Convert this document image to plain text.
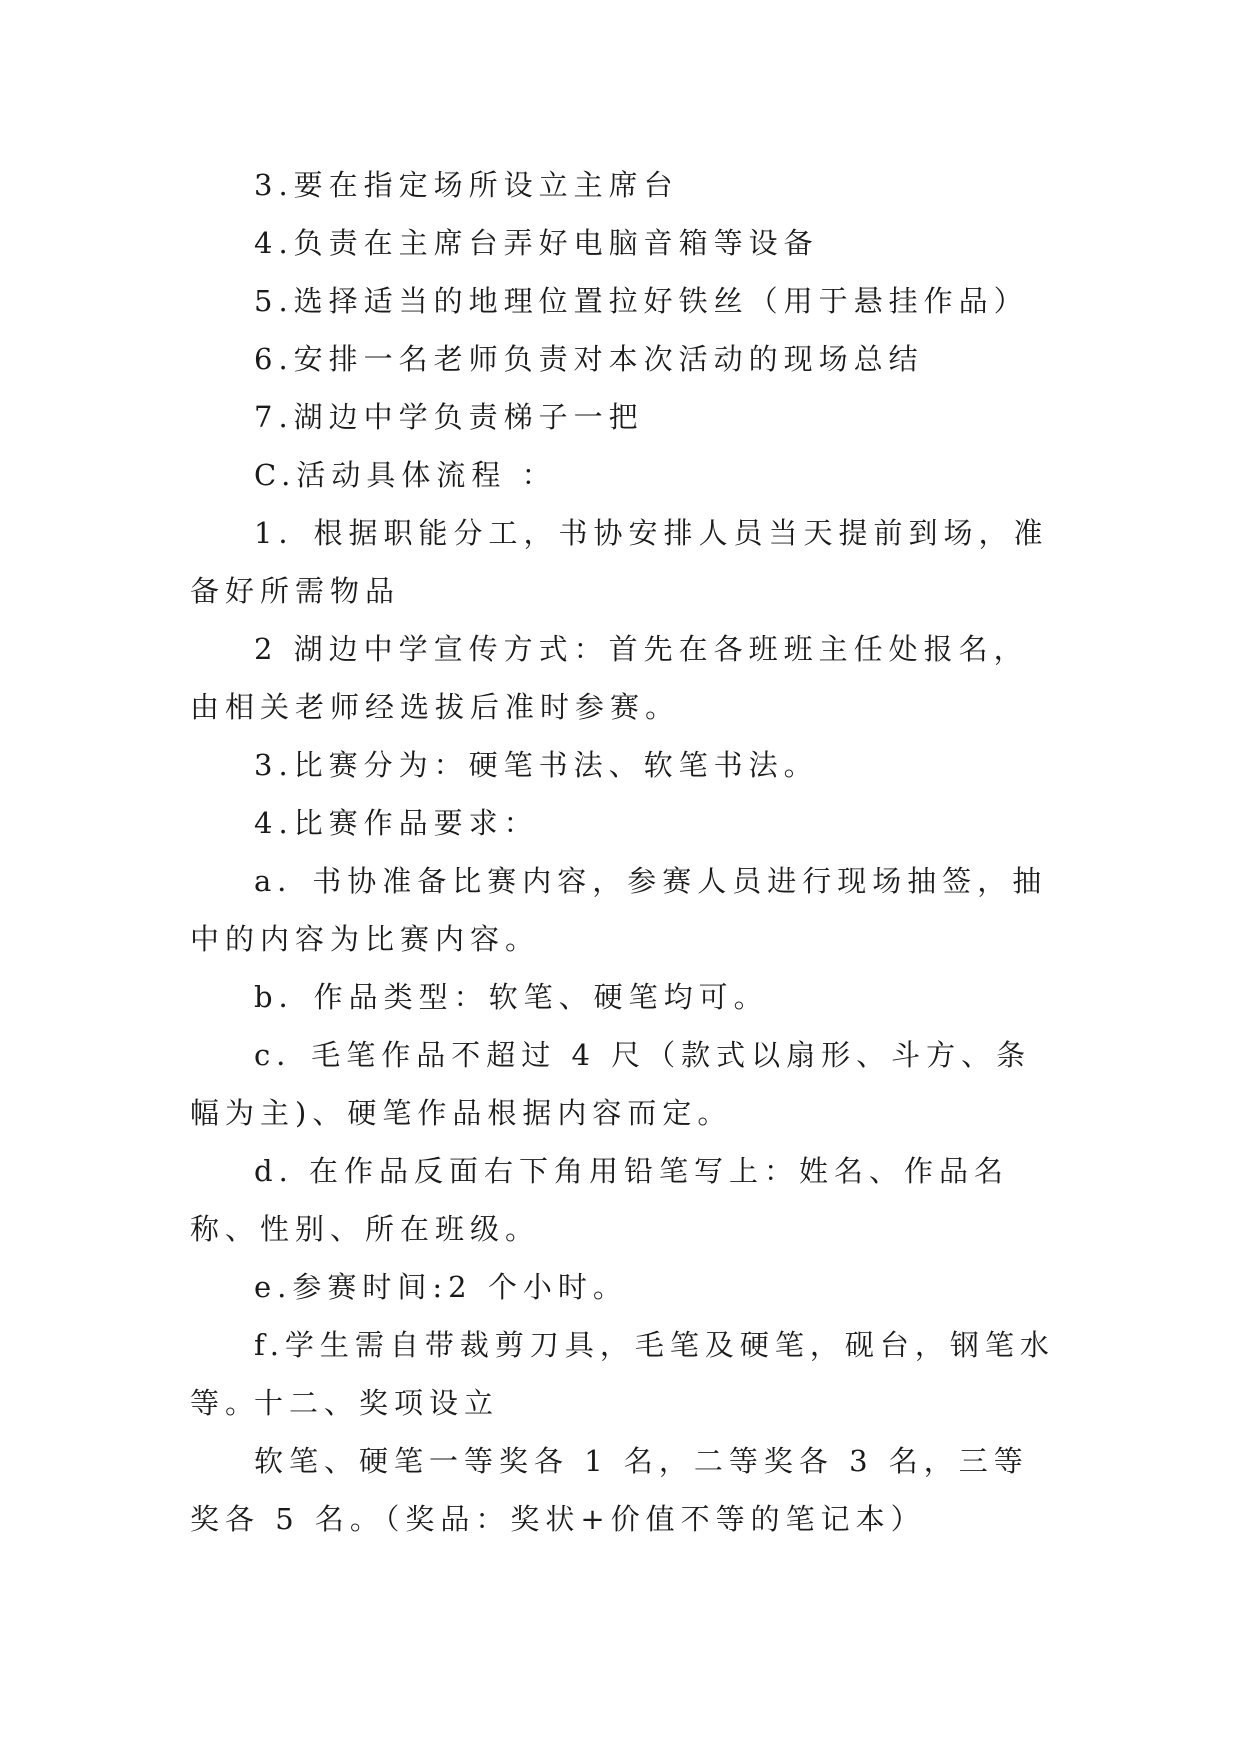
3.要在指定场所设立主席台

4.负责在主席台弄好电脑音箱等设备

5.选择适当的地理位置拉好铁丝（用于悬挂作品）

6.安排一名老师负责对本次活动的现场总结

7.湖边中学负责梯子一把

C.活动具体流程 ：

1．根据职能分工，书协安排人员当天提前到场，准备好所需物品

2 湖边中学宣传方式：首先在各班班主任处报名，由相关老师经选拔后准时参赛。

3.比赛分为：硬笔书法、软笔书法。

4.比赛作品要求：

a．书协准备比赛内容，参赛人员进行现场抽签，抽中的内容为比赛内容。

b．作品类型：软笔、硬笔均可。

c．毛笔作品不超过 4 尺（款式以扇形、斗方、条幅为主)、硬笔作品根据内容而定。

d. 在作品反面右下角用铅笔写上：姓名、作品名称、性别、所在班级。

e.参赛时间:2 个小时。

f.学生需自带裁剪刀具，毛笔及硬笔，砚台，钢笔水等。

十二、奖项设立

软笔、硬笔一等奖各 1 名，二等奖各 3 名，三等奖各 5 名。（奖品：奖状+价值不等的笔记本）
